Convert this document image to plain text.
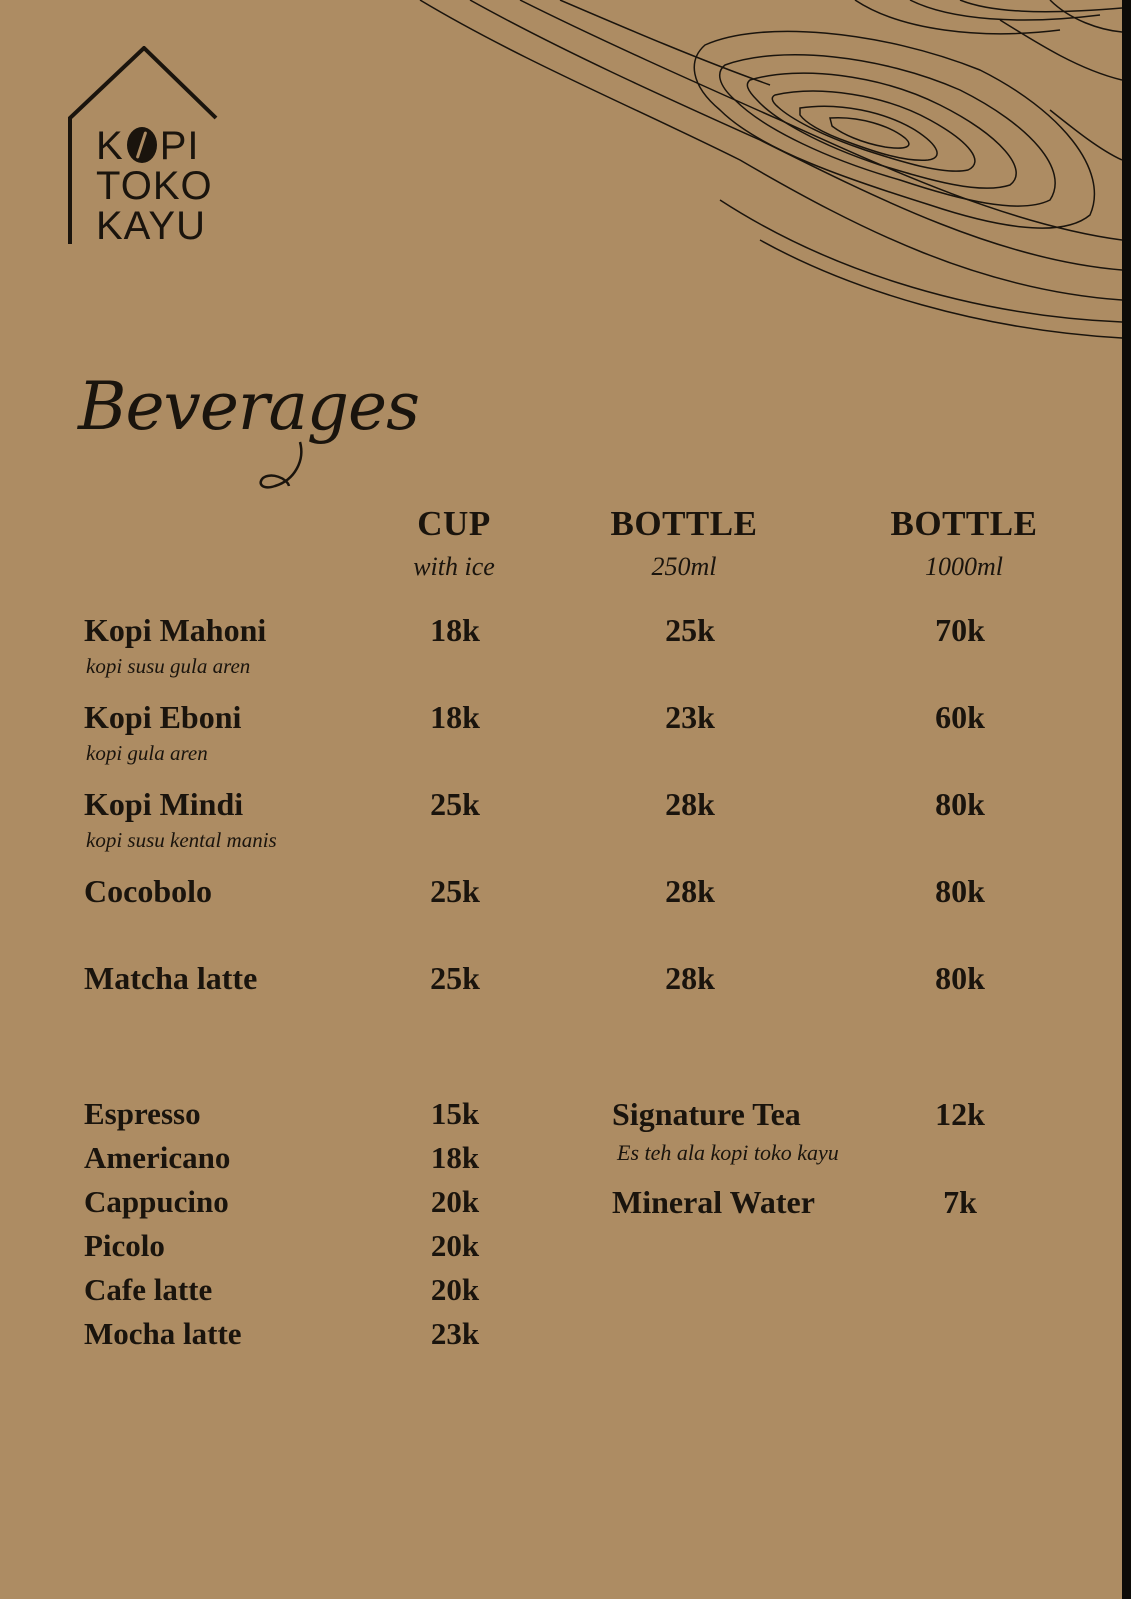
K PI
TOKO
KAYU
Beverages
CUP
with ice
BOTTLE
250ml
BOTTLE
1000ml
Kopi Mahoni
kopi susu gula aren
18k	25k	70k
Kopi Eboni
kopi gula aren
18k	23k	60k
Kopi Mindi
kopi susu kental manis
25k	28k	80k
Cocobolo	25k	28k	80k
Matcha latte	25k	28k	80k
Espresso	15k
Americano	18k
Cappucino	20k
Picolo	20k
Cafe latte	20k
Mocha latte	23k
Signature Tea	12k
Es teh ala kopi toko kayu
Mineral Water	7k
